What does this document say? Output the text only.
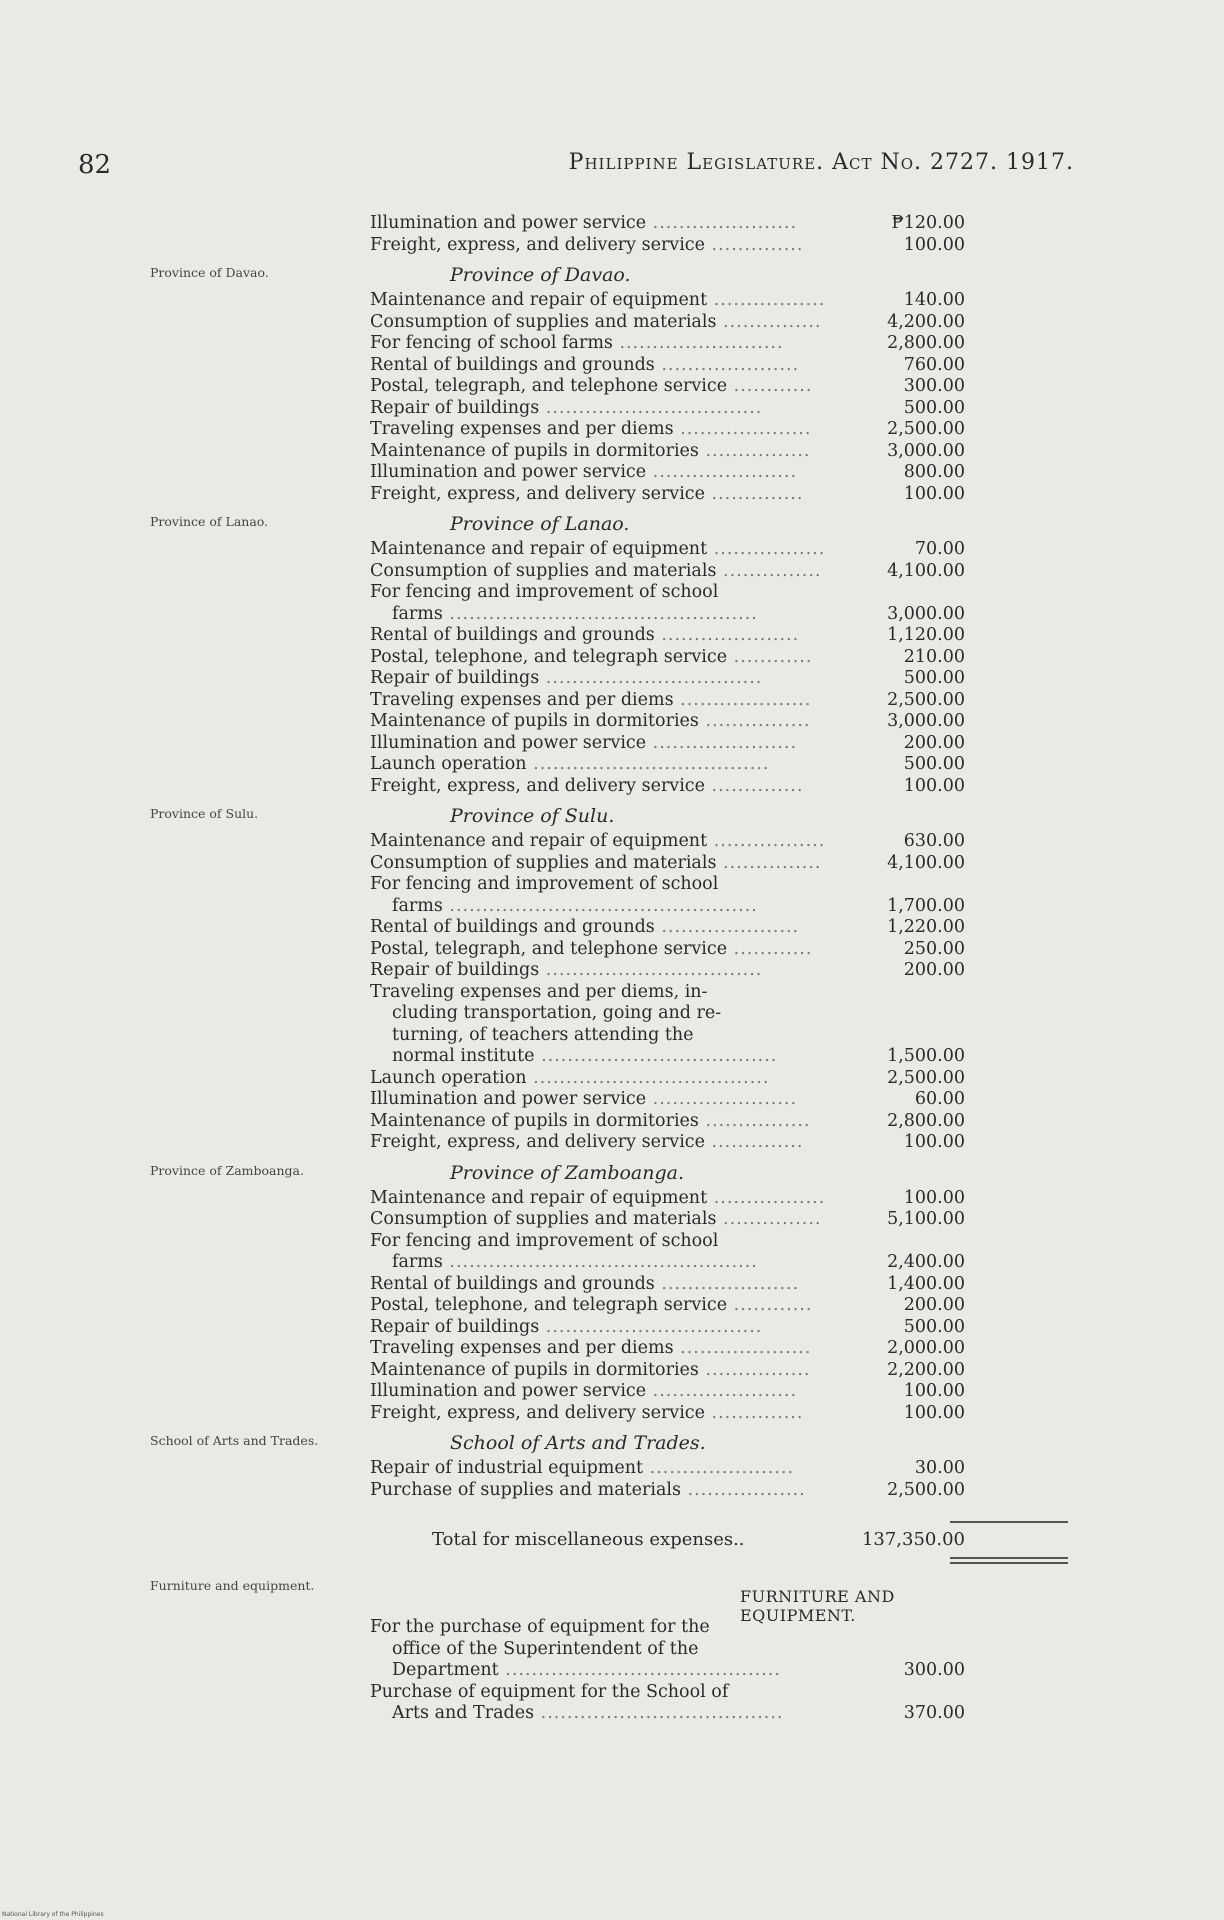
82	Philippine Legislature. Act No. 2727. 1917.
Illumination and power service ......................	₱120.00
Freight, express, and delivery service ..............	100.00
Province of Davao.	Province of Davao.
Maintenance and repair of equipment .................	140.00
Consumption of supplies and materials ...............	4,200.00
For fencing of school farms .........................	2,800.00
Rental of buildings and grounds .....................	760.00
Postal, telegraph, and telephone service ............	300.00
Repair of buildings .................................	500.00
Traveling expenses and per diems ....................	2,500.00
Maintenance of pupils in dormitories ................	3,000.00
Illumination and power service ......................	800.00
Freight, express, and delivery service ..............	100.00
Province of Lanao.	Province of Lanao.
Maintenance and repair of equipment .................	70.00
Consumption of supplies and materials ...............	4,100.00
For fencing and improvement of school
farms ...............................................	3,000.00
Rental of buildings and grounds .....................	1,120.00
Postal, telephone, and telegraph service ............	210.00
Repair of buildings .................................	500.00
Traveling expenses and per diems ....................	2,500.00
Maintenance of pupils in dormitories ................	3,000.00
Illumination and power service ......................	200.00
Launch operation ....................................	500.00
Freight, express, and delivery service ..............	100.00
Province of Sulu.	Province of Sulu.
Maintenance and repair of equipment .................	630.00
Consumption of supplies and materials ...............	4,100.00
For fencing and improvement of school
farms ...............................................	1,700.00
Rental of buildings and grounds .....................	1,220.00
Postal, telegraph, and telephone service ............	250.00
Repair of buildings .................................	200.00
Traveling expenses and per diems, in-
cluding transportation, going and re-
turning, of teachers attending the
normal institute ....................................	1,500.00
Launch operation ....................................	2,500.00
Illumination and power service ......................	60.00
Maintenance of pupils in dormitories ................	2,800.00
Freight, express, and delivery service ..............	100.00
Province of Zamboanga.	Province of Zamboanga.
Maintenance and repair of equipment .................	100.00
Consumption of supplies and materials ...............	5,100.00
For fencing and improvement of school
farms ...............................................	2,400.00
Rental of buildings and grounds .....................	1,400.00
Postal, telephone, and telegraph service ............	200.00
Repair of buildings .................................	500.00
Traveling expenses and per diems ....................	2,000.00
Maintenance of pupils in dormitories ................	2,200.00
Illumination and power service ......................	100.00
Freight, express, and delivery service ..............	100.00
School of Arts and Trades.	School of Arts and Trades.
Repair of industrial equipment ......................	30.00
Purchase of supplies and materials ..................	2,500.00
Total for miscellaneous expenses..	137,350.00
Furniture and equipment.
FURNITURE AND EQUIPMENT.
For the purchase of equipment for the
office of the Superintendent of the
Department ..........................................	300.00
Purchase of equipment for the School of
Arts and Trades .....................................	370.00
National Library of the Philippines
